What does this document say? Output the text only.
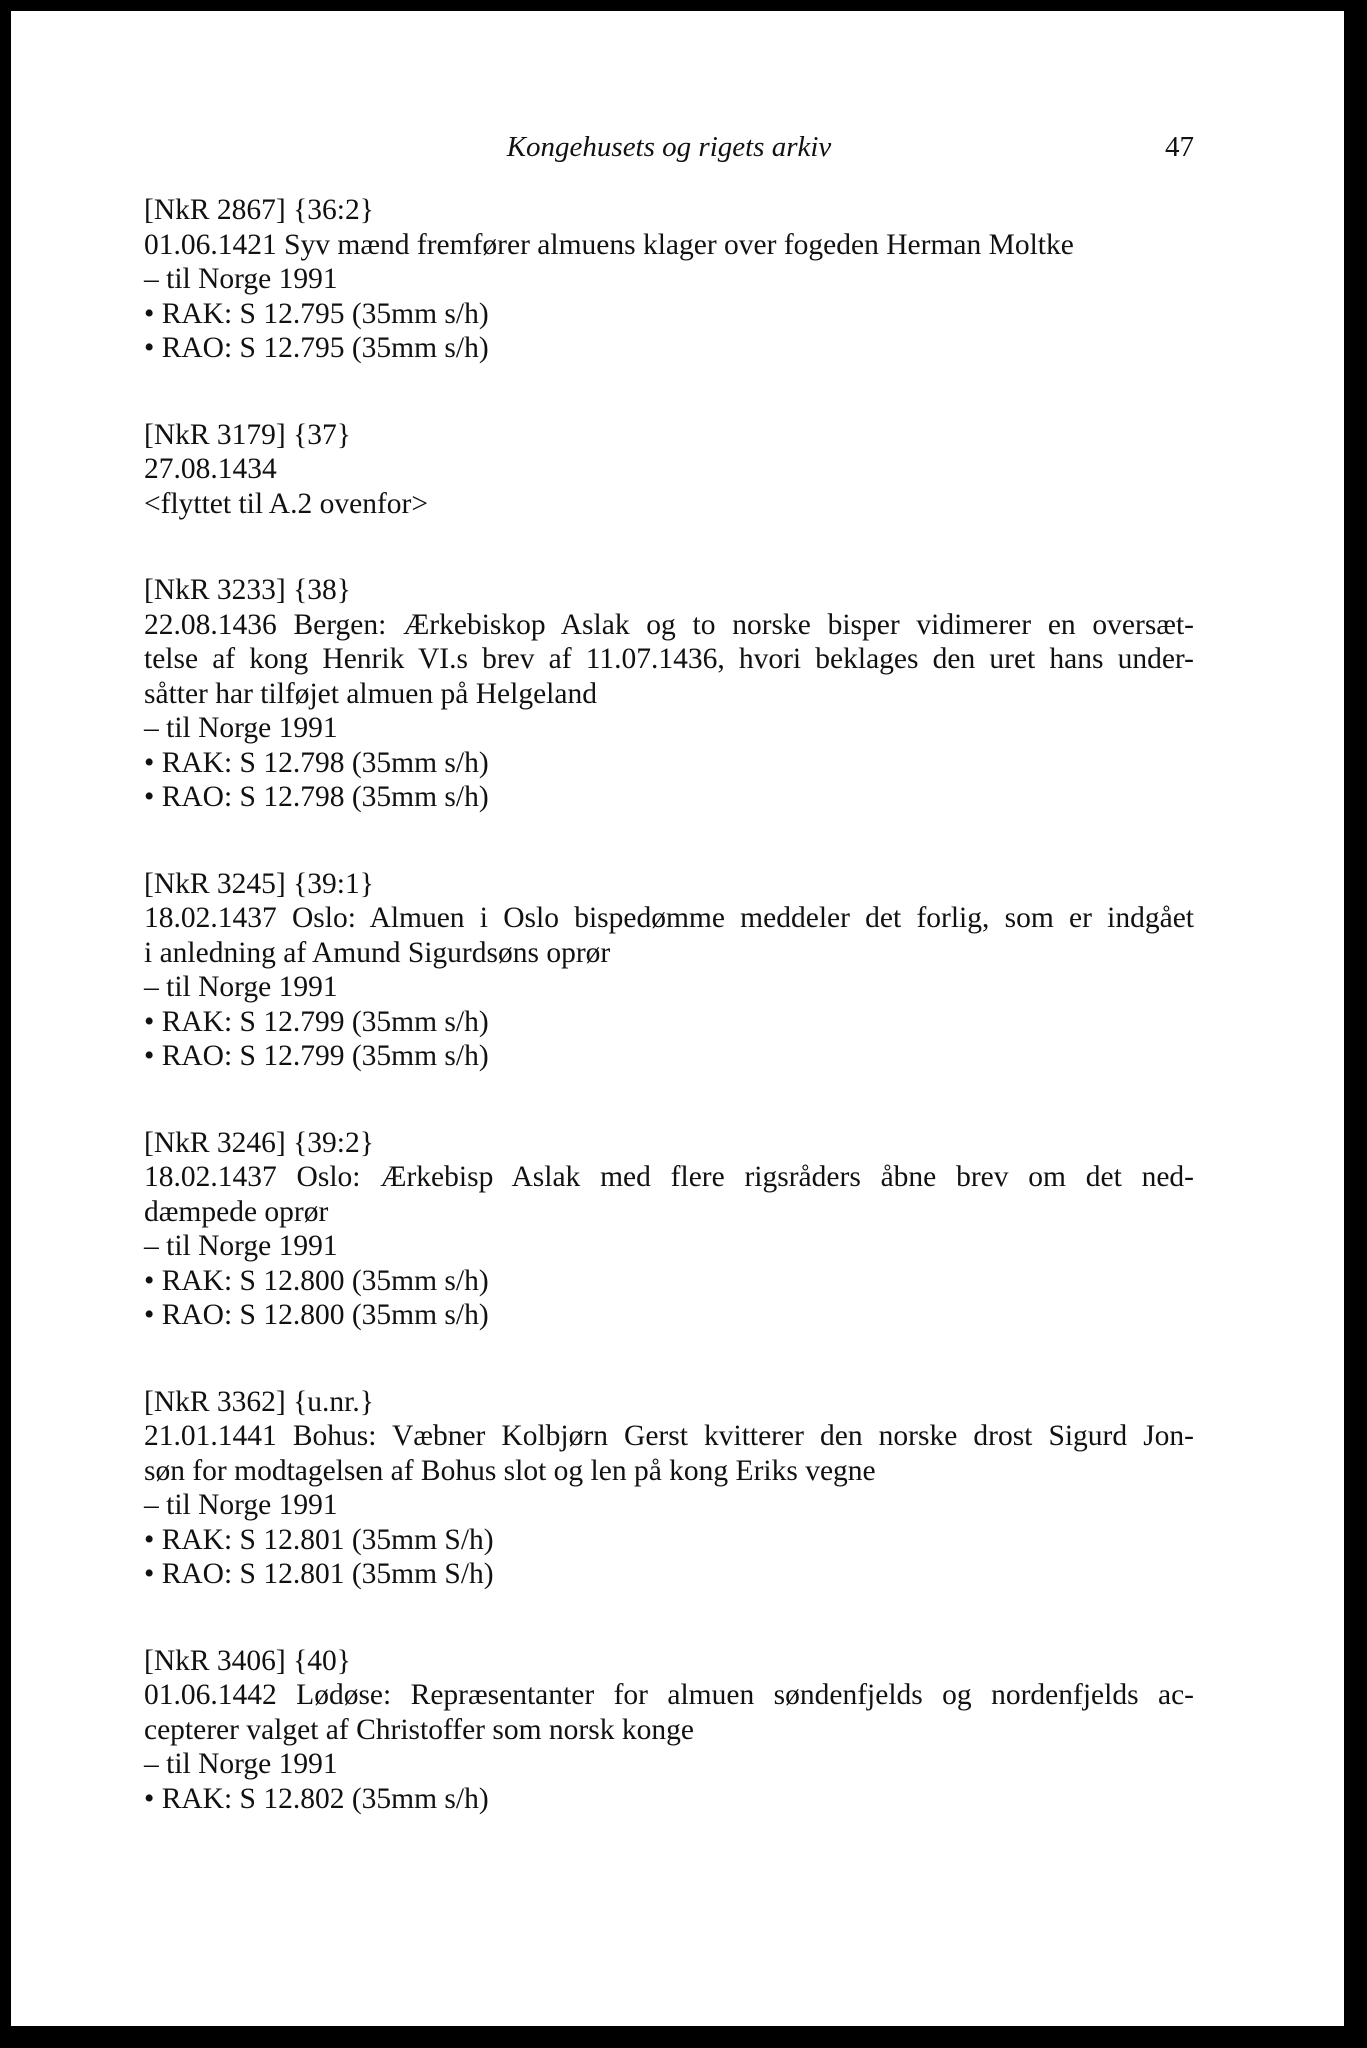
Kongehusets og rigets arkiv	47
[NkR 2867] {36:2}
01.06.1421 Syv mænd fremfører almuens klager over fogeden Herman Moltke
– til Norge 1991
• RAK: S 12.795 (35mm s/h)
• RAO: S 12.795 (35mm s/h)
[NkR 3179] {37}
27.08.1434
<flyttet til A.2 ovenfor>
[NkR 3233] {38}
22.08.1436 Bergen: Ærkebiskop Aslak og to norske bisper vidimerer en oversæt-
telse af kong Henrik VI.s brev af 11.07.1436, hvori beklages den uret hans under-
såtter har tilføjet almuen på Helgeland
– til Norge 1991
• RAK: S 12.798 (35mm s/h)
• RAO: S 12.798 (35mm s/h)
[NkR 3245] {39:1}
18.02.1437 Oslo: Almuen i Oslo bispedømme meddeler det forlig, som er indgået
i anledning af Amund Sigurdsøns oprør
– til Norge 1991
• RAK: S 12.799 (35mm s/h)
• RAO: S 12.799 (35mm s/h)
[NkR 3246] {39:2}
18.02.1437 Oslo: Ærkebisp Aslak med flere rigsråders åbne brev om det ned-
dæmpede oprør
– til Norge 1991
• RAK: S 12.800 (35mm s/h)
• RAO: S 12.800 (35mm s/h)
[NkR 3362] {u.nr.}
21.01.1441 Bohus: Væbner Kolbjørn Gerst kvitterer den norske drost Sigurd Jon-
søn for modtagelsen af Bohus slot og len på kong Eriks vegne
– til Norge 1991
• RAK: S 12.801 (35mm S/h)
• RAO: S 12.801 (35mm S/h)
[NkR 3406] {40}
01.06.1442 Lødøse: Repræsentanter for almuen søndenfjelds og nordenfjelds ac-
cepterer valget af Christoffer som norsk konge
– til Norge 1991
• RAK: S 12.802 (35mm s/h)
